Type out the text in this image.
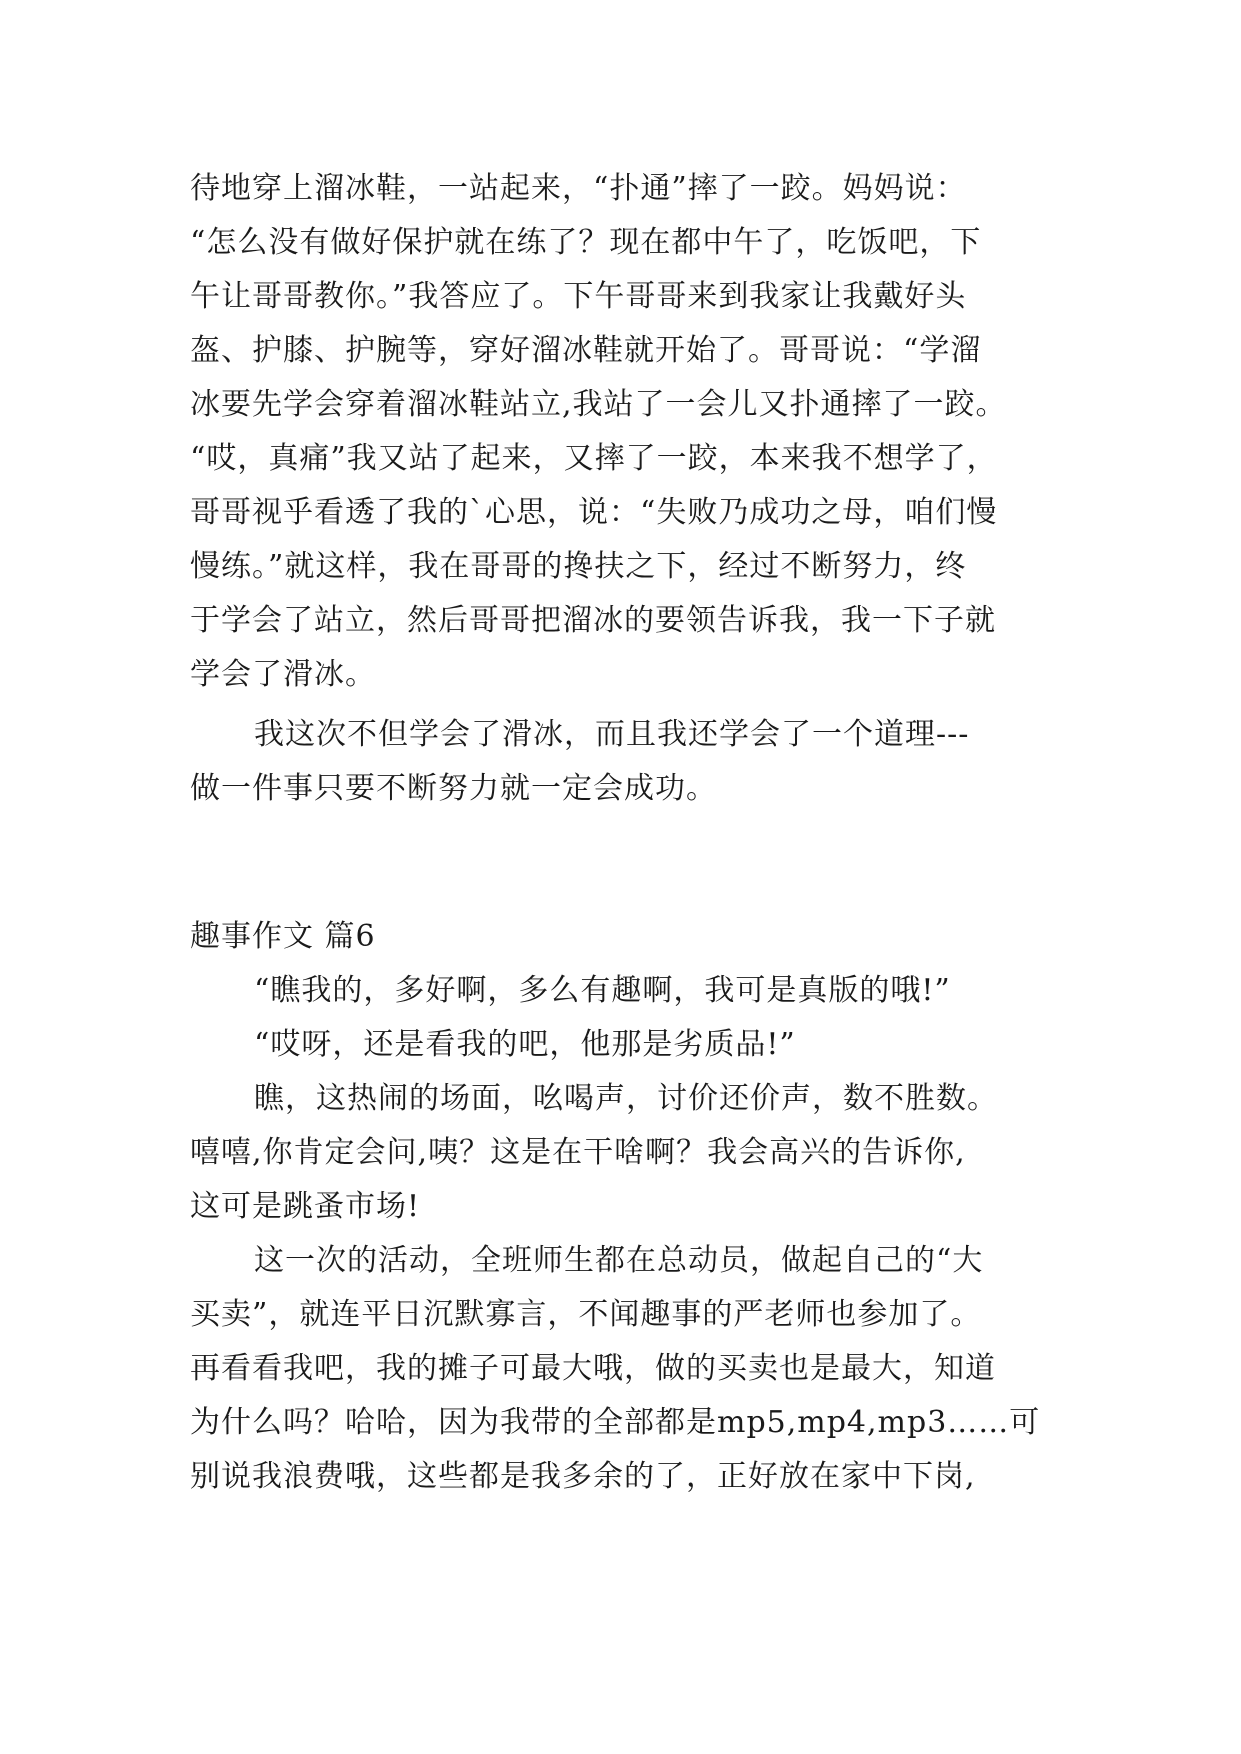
待地穿上溜冰鞋，一站起来，“扑通”摔了一跤。妈妈说：
“怎么没有做好保护就在练了？现在都中午了，吃饭吧，下
午让哥哥教你。”我答应了。下午哥哥来到我家让我戴好头
盔、护膝、护腕等，穿好溜冰鞋就开始了。哥哥说：“学溜
冰要先学会穿着溜冰鞋站立,我站了一会儿又扑通摔了一跤。
“哎，真痛”我又站了起来，又摔了一跤，本来我不想学了，
哥哥视乎看透了我的`心思，说：“失败乃成功之母，咱们慢
慢练。”就这样，我在哥哥的搀扶之下，经过不断努力，终
于学会了站立，然后哥哥把溜冰的要领告诉我，我一下子就
学会了滑冰。
我这次不但学会了滑冰，而且我还学会了一个道理---
做一件事只要不断努力就一定会成功。
趣事作文 篇6
“瞧我的，多好啊，多么有趣啊，我可是真版的哦!”
“哎呀，还是看我的吧，他那是劣质品!”
瞧，这热闹的场面，吆喝声，讨价还价声，数不胜数。
嘻嘻,你肯定会问,咦？这是在干啥啊？我会高兴的告诉你,
这可是跳蚤市场!
这一次的活动，全班师生都在总动员，做起自己的“大
买卖”，就连平日沉默寡言，不闻趣事的严老师也参加了。
再看看我吧，我的摊子可最大哦，做的买卖也是最大，知道
为什么吗？哈哈，因为我带的全部都是mp5,mp4,mp3……可
别说我浪费哦，这些都是我多余的了，正好放在家中下岗,
